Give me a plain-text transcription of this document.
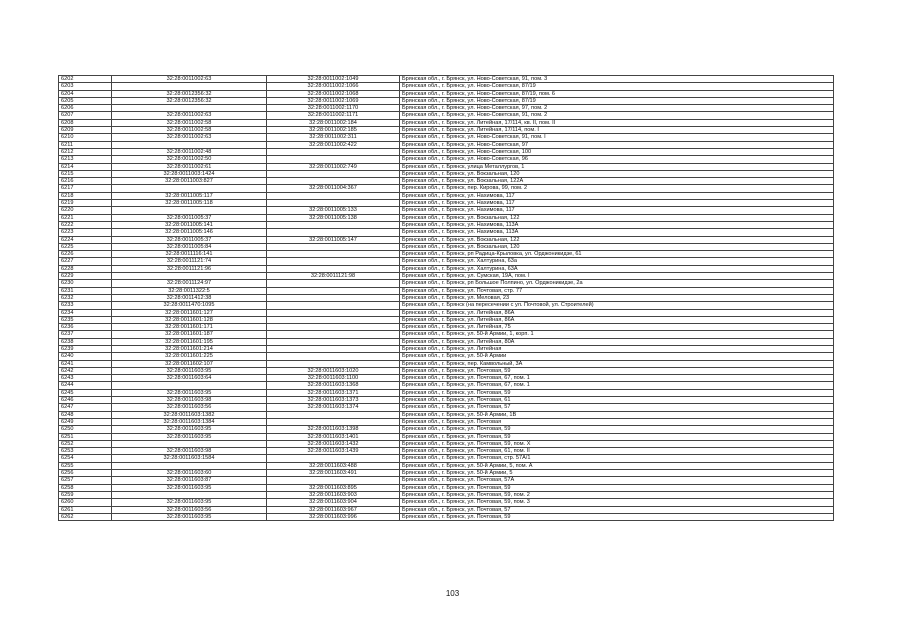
6202	32:28:0011002:63	32:28:0011002:1049	Брянская обл., г. Брянск, ул. Ново-Советская, 91, пом. 3
6203		32:28:0011002:1066	Брянская обл., г. Брянск, ул. Ново-Советская, 87/19
6204	32:28:0012356:32	32:28:0011002:1068	Брянская обл., г. Брянск, ул. Ново-Советская, 87/19, пом. 6
6205	32:28:0012356:32	32:28:0011002:1069	Брянская обл., г. Брянск, ул. Ново-Советская, 87/19
6206		32:28:0011002:1170	Брянская обл., г. Брянск, ул. Ново-Советская, 97, пом. 2
6207	32:28:0011002:63	32:28:0011002:1171	Брянская обл., г. Брянск, ул. Ново-Советская, 91, пом. 2
6208	32:28:0011002:58	32:28:0011002:184	Брянская обл., г. Брянск, ул. Литейная, 17/114, кв. II, пом. II
6209	32:28:0011002:58	32:28:0011002:185	Брянская обл., г. Брянск, ул. Литейная, 17/114, пом. I
6210	32:28:0011002:63	32:28:0011002:311	Брянская обл., г. Брянск, ул. Ново-Советская, 91, пом. I
6211		32:28:0011002:422	Брянская обл., г. Брянск, ул. Ново-Советская, 97
6212	32:28:0011002:48		Брянская обл., г. Брянск, ул. Ново-Советская, 100
6213	32:28:0011002:50		Брянская обл., г. Брянск, ул. Ново-Советская, 96
6214	32:28:0011002:61	32:28:0011002:749	Брянская обл., г. Брянск, улица Металлургов, 1
6215	32:28:0011003:1424		Брянская обл., г. Брянск, ул. Вокзальная, 120
6216	32:28:0011003:827		Брянская обл., г. Брянск, ул. Вокзальная, 122А
6217		32:28:0011004:367	Брянская обл., г. Брянск, пер. Кирова, 99, пом. 2
6218	32:28:0011005:117		Брянская обл., г. Брянск, ул. Нахимова, 117
6219	32:28:0011005:118		Брянская обл., г. Брянск, ул. Нахимова, 117
6220		32:28:0011005:133	Брянская обл., г. Брянск, ул. Нахимова, 117
6221	32:28:0011005:37	32:28:0011005:138	Брянская обл., г. Брянск, ул. Вокзальная, 122
6222	32:28:0011005:141		Брянская обл., г. Брянск, ул. Нахимова, 113А
6223	32:28:0011005:146		Брянская обл., г. Брянск, ул. Нахимова, 113А
6224	32:28:0011005:37	32:28:0011005:147	Брянская обл., г. Брянск, ул. Вокзальная, 122
6225	32:28:0011005:84		Брянская обл., г. Брянск, ул. Вокзальная, 120
6226	32:28:0011116:141		Брянская обл., г. Брянск, рп Радица-Крыловка, ул. Орджоникидзе, 61
6227	32:28:0011121:74		Брянская обл., г. Брянск, ул. Халтурина, 63а
6228	32:28:0011121:96		Брянская обл., г. Брянск, ул. Халтурина, 63А
6229		32:28:0011121:98	Брянская обл., г. Брянск, ул. Сумская, 19А, пом. I
6230	32:28:0011124:97		Брянская обл., г. Брянск, рп Большое Полпино, ул. Орджоникидзе, 2а
6231	32:28:0011322:5		Брянская обл., г. Брянск, ул. Почтовая, стр. 77
6232	32:28:0011412:38		Брянская обл., г. Брянск, ул. Меловая, 23
6233	32:28:0011470:1095		Брянская обл., г. Брянск (на пересечении с ул. Почтовой, ул. Строителей)
6234	32:28:0011601:127		Брянская обл., г. Брянск, ул. Литейная, 86А
6235	32:28:0011601:128		Брянская обл., г. Брянск, ул. Литейная, 86А
6236	32:28:0011601:171		Брянская обл., г. Брянск, ул. Литейная, 75
6237	32:28:0011601:187		Брянская обл., г. Брянск, ул. 50-й Армии, 1, корп. 1
6238	32:28:0011601:195		Брянская обл., г. Брянск, ул. Литейная, 80А
6239	32:28:0011601:214		Брянская обл., г. Брянск, ул. Литейная
6240	32:28:0011601:225		Брянская обл., г. Брянск, ул. 50-й Армии
6241	32:28:0011602:107		Брянская обл., г. Брянск, пер. Камвольный, 3А
6242	32:28:0011603:95	32:28:0011603:1020	Брянская обл., г. Брянск, ул. Почтовая, 59
6243	32:28:0011603:64	32:28:0011603:1100	Брянская обл., г. Брянск, ул. Почтовая, 67, пом. 1
6244		32:28:0011603:1368	Брянская обл., г. Брянск, ул. Почтовая, 67, пом. 1
6245	32:28:0011603:95	32:28:0011603:1371	Брянская обл., г. Брянск, ул. Почтовая, 59
6246	32:28:0011603:98	32:28:0011603:1373	Брянская обл., г. Брянск, ул. Почтовая, 61
6247	32:28:0011603:56	32:28:0011603:1374	Брянская обл., г. Брянск, ул. Почтовая, 57
6248	32:28:0011603:1382		Брянская обл., г. Брянск, ул. 50-й Армии, 1В
6249	32:28:0011603:1384		Брянская обл., г. Брянск, ул. Почтовая
6250	32:28:0011603:95	32:28:0011603:1398	Брянская обл., г. Брянск, ул. Почтовая, 59
6251	32:28:0011603:95	32:28:0011603:1401	Брянская обл., г. Брянск, ул. Почтовая, 59
6252		32:28:0011603:1432	Брянская обл., г. Брянск, ул. Почтовая, 59, пом. Х
6253	32:28:0011603:98	32:28:0011603:1439	Брянская обл., г. Брянск, ул. Почтовая, 61, пом. II
6254	32:28:0011603:1584		Брянская обл., г. Брянск, ул. Почтовая, стр. 57А/1
6255		32:28:0011603:488	Брянская обл., г. Брянск, ул. 50-й Армии, 5, пом. А
6256	32:28:0011603:60	32:28:0011603:491	Брянская обл., г. Брянск, ул. 50-й Армии, 5
6257	32:28:0011603:87		Брянская обл., г. Брянск, ул. Почтовая, 57А
6258	32:28:0011603:95	32:28:0011603:895	Брянская обл., г. Брянск, ул. Почтовая, 59
6259		32:28:0011603:903	Брянская обл., г. Брянск, ул. Почтовая, 59, пом. 2
6260	32:28:0011603:95	32:28:0011603:904	Брянская обл., г. Брянск, ул. Почтовая, 59, пом. 3
6261	32:28:0011603:56	32:28:0011603:967	Брянская обл., г. Брянск, ул. Почтовая, 57
6262	32:28:0011603:95	32:28:0011603:996	Брянская обл., г. Брянск, ул. Почтовая, 59
103
